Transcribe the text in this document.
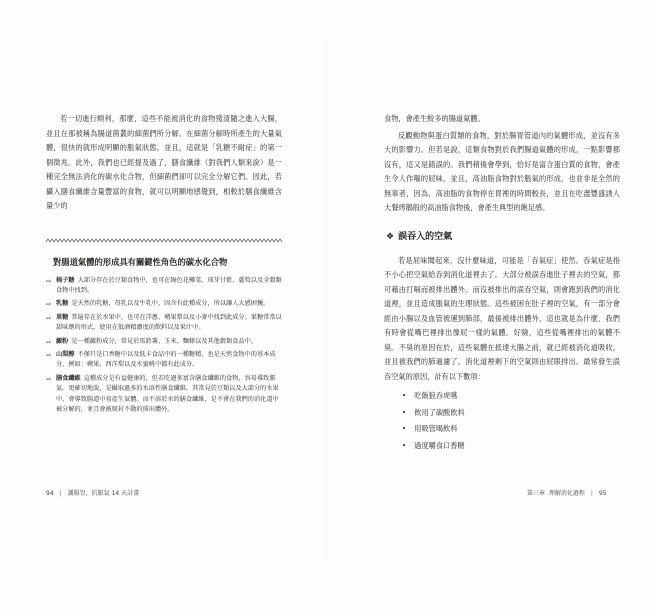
若一切進行順利，那麼，這些不能被消化的食物殘渣隨之進入大腸，並且在那被稱為腸道菌叢的細菌們所分解。在細菌分解時所產生的大量氣體，很快的就形成明顯的脹氣狀態。並且，這就是「乳糖不耐症」的第一個徵兆。此外，我們也已經提及過了，膳食纖維（對我們人類來說）是一種完全無法消化的碳水化合物，但細菌們卻可以完全分解它們。因此，若攝入膳食纖維含量豐富的食物，就可以明顯地感覺到，相較於膳食纖維含量少的

對腸道氣體的形成具有關鍵性角色的碳水化合物
⇨ 棉子糖 大部分存在於豆類食物中，也可在綠色花椰菜、球芽甘藍、蘆筍以及全穀類食物中找到。
⇨ 乳糖 是天然的乳糖，母乳以及牛乳中，因含有此種成分，所以讓人大感困擾。
⇨ 果糖 普遍存在於水果中，也可在洋蔥、蘋果梨以及小麥中找到此成分。果糖常常以甜味劑的形式，使用在低酒精濃度的飲料以及果汁中。
⇨ 澱粉 是一種澱粉成分，常見於馬鈴薯、玉米、麵條以及其他穀類食品中。
⇨ 山梨醇 不僅只是口香糖中以及低卡食品中的一種糖精，也是天然食物中的基本成分，例如：蘋果、西洋梨以及水蜜桃中都有此成分。
⇨ 膳食纖維 這種成分是有益健康的，但若吃過多富含膳食纖維的食物，容易導致脹氣。更確切地說，是攝取過多的水溶性膳食纖維，其常見於豆類以及大部分的水果中，會導致腸道中易產生氣體。而不溶於水的膳食纖維，是不會在我們的消化道中被分解的，並且會被原封不動的排出體外。
94 | 護腸胃，抗脹氣 14 天計畫

食物，會產生較多的腸道氣體。

反觀動物與蛋白質類的食物，對於腸胃管道內的氣體形成，並沒有多大的影響力。但若是說，這類食物對於我們腸道氣體的形成，一點影響都沒有，這又是錯誤的。我們稍後會學到，恰好是富含蛋白質的食物，會產生令人作嘔的屁味，並且，高油脂食物對於脹氣的形成，也並非是全然的無辜者，因為，高油脂的食物停在胃裡的時間較長，並且在吃盡豐盛誘人大餐烤鵝般的高油脂食物後，會產生典型的飽足感。

❖ 誤吞入的空氣

若是屁味聞起來，沒什麼味道，可能是「吞氣症」使然。吞氣症是指不小心把空氣給吞到消化道裡去了。大部分被誤吞進肚子裡去的空氣，都可藉由打嗝而被排出體外。而沒被排出的誤吞空氣，則會跑到我們的消化道裡，並且造成脹氣的生理狀態。這些被困在肚子裡的空氣，有一部分會經由小腸以及血管被運到肺部，最後被排出體外，這也就是為什麼，我們有時會從嘴巴裡排出像屁一樣的氣體。好險，這些從嘴裡排出的氣體不臭。不臭的原因在於，這些氣體在抵達大腸之前，就已經被消化道吸收，並且被我們的肺過濾了。消化道裡剩下的空氣則由屁眼排出。最常發生誤吞空氣的原因，計有以下數項：

• 吃飯狼吞虎嚥
• 飲用了碳酸飲料
• 用吸管喝飲料
• 過度嚼食口香糖
第三章 理解消化過程 | 95
